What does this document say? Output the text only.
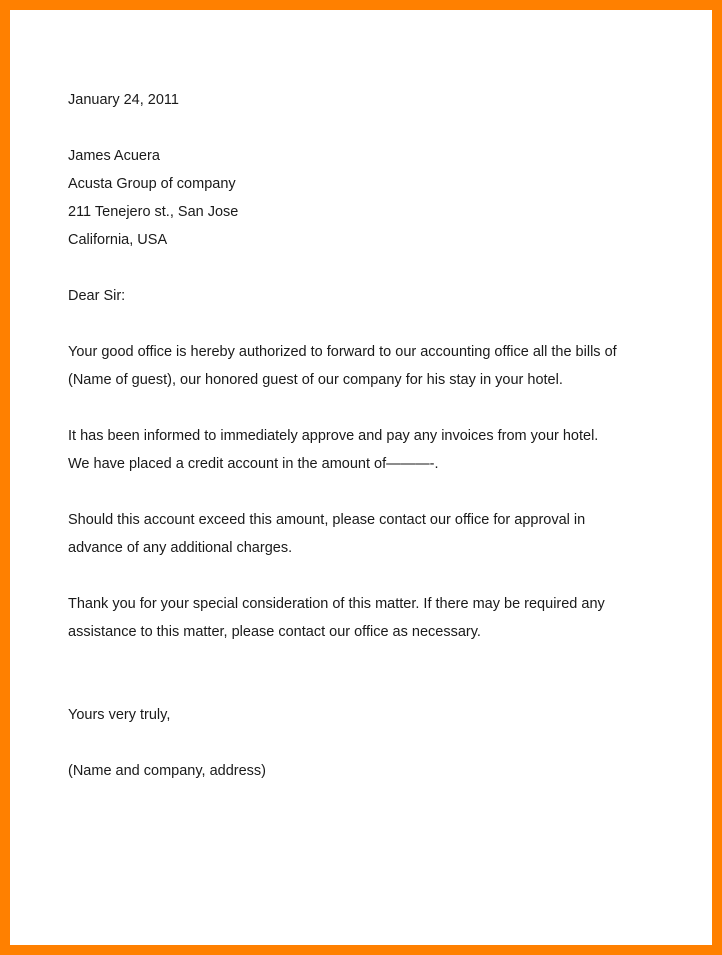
January 24, 2011
James Acuera
Acusta Group of company
211 Tenejero st., San Jose
California, USA
Dear Sir:
Your good office is hereby authorized to forward to our accounting office all the bills of
(Name of guest), our honored guest of our company for his stay in your hotel.
It has been informed to immediately approve and pay any invoices from your hotel.
We have placed a credit account in the amount of———-.
Should this account exceed this amount, please contact our office for approval in
advance of any additional charges.
Thank you for your special consideration of this matter. If there may be required any
assistance to this matter, please contact our office as necessary.
Yours very truly,
(Name and company, address)
